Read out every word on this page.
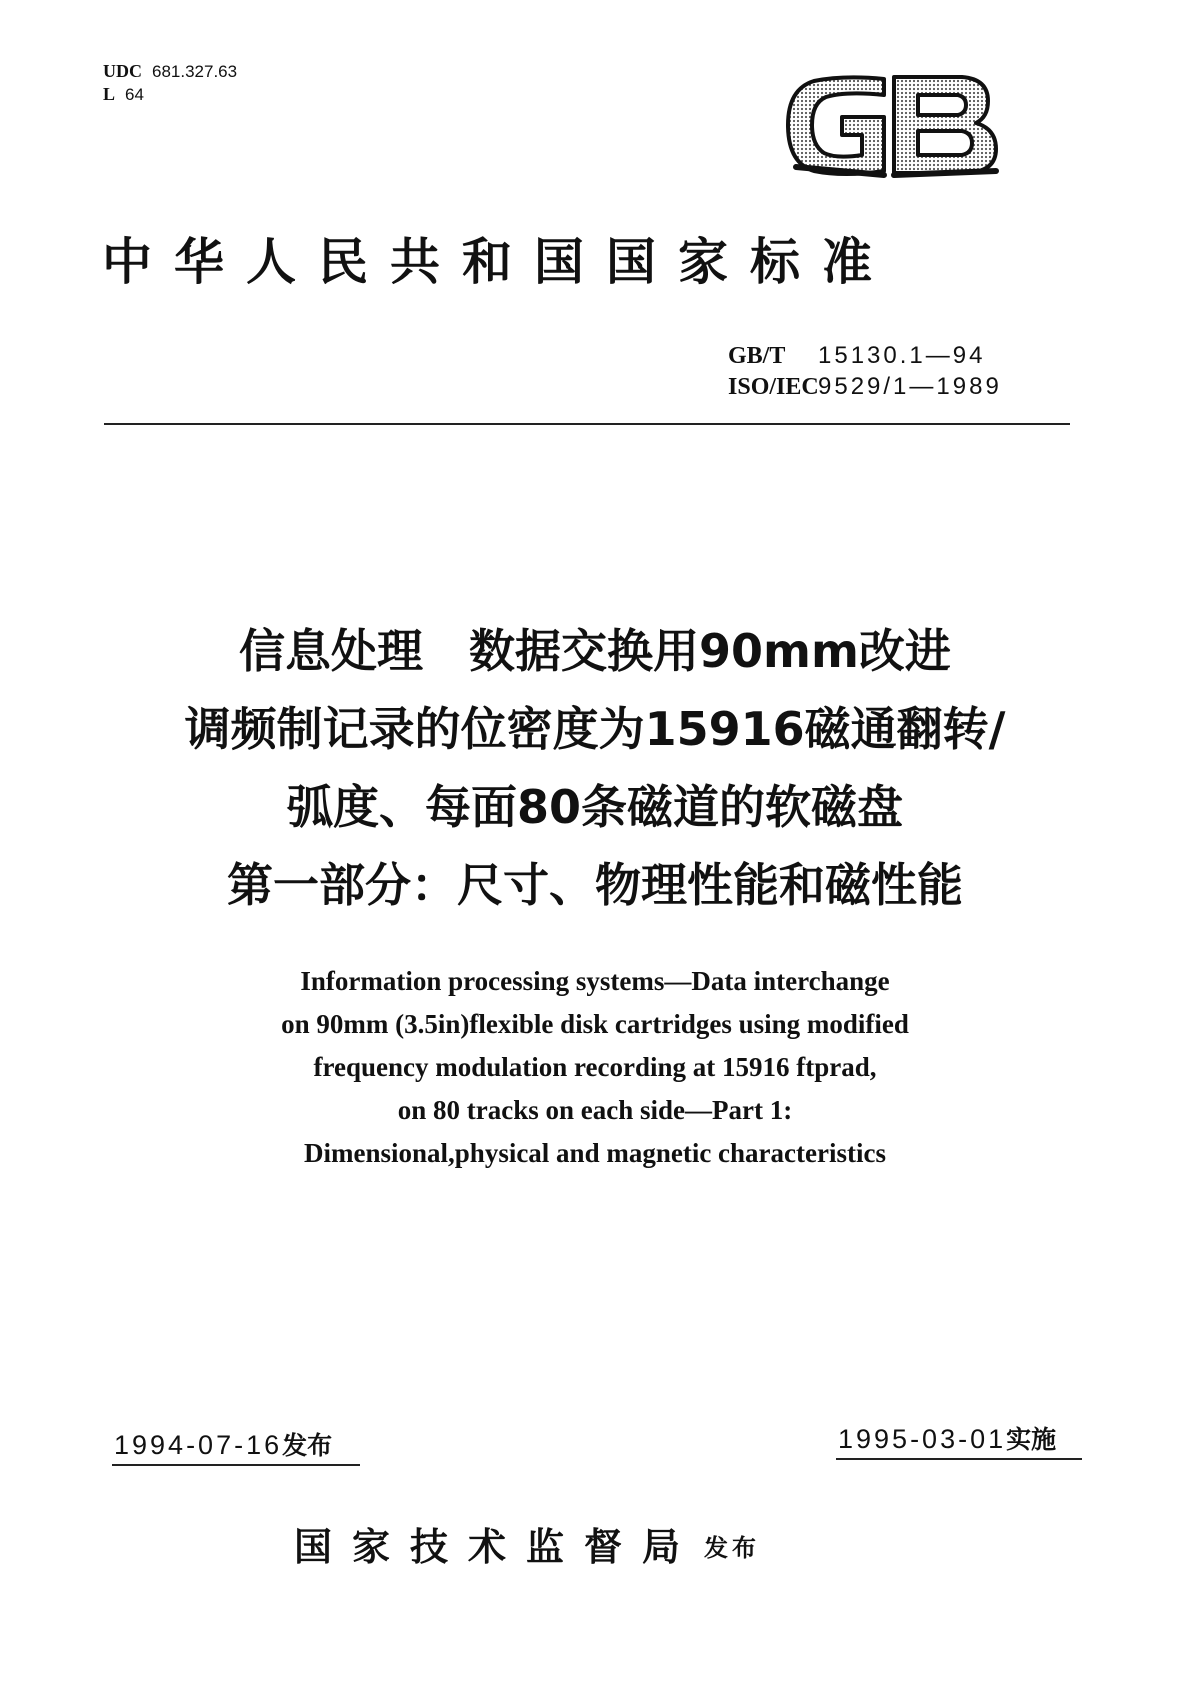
UDC 681.327.63
L 64
中华人民共和国国家标准
GB/T 15130.1—94
ISO/IEC9529/1—1989
信息处理　数据交换用90mm改进
调频制记录的位密度为15916磁通翻转/
弧度、每面80条磁道的软磁盘
第一部分：尺寸、物理性能和磁性能
Information processing systems—Data interchange
on 90mm (3.5in)flexible disk cartridges using modified
frequency modulation recording at 15916 ftprad,
on 80 tracks on each side—Part 1:
Dimensional,physical and magnetic characteristics
1994-07-16发布	1995-03-01实施
国家技术监督局 发布
